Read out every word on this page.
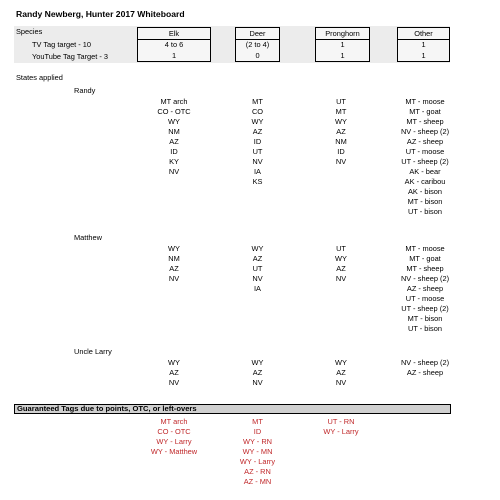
Randy Newberg, Hunter 2017 Whiteboard
Species
TV Tag target - 10
YouTube Tag Target - 3
Elk
4 to 6
1
Deer
(2 to 4)
0
Pronghorn
1
1
Other
1
1
States applied
Randy
Matthew
Uncle Larry
Guaranteed Tags due to points, OTC, or left-overs
MT arch
CO - OTC
WY
NM
AZ
ID
KY
NV
MT
CO
WY
AZ
ID
UT
NV
IA
KS
UT
MT
WY
AZ
NM
ID
NV
MT - moose
MT - goat
MT - sheep
NV - sheep (2)
AZ - sheep
UT - moose
UT - sheep (2)
AK - bear
AK - caribou
AK - bison
MT - bison
UT - bison
WY
NM
AZ
NV
WY
AZ
UT
NV
IA
UT
WY
AZ
NV
MT - moose
MT - goat
MT - sheep
NV - sheep (2)
AZ - sheep
UT - moose
UT - sheep (2)
MT - bison
UT - bison
WY
AZ
NV
WY
AZ
NV
WY
AZ
NV
NV - sheep (2)
AZ - sheep
MT arch
CO - OTC
WY - Larry
WY - Matthew
MT
ID
WY - RN
WY - MN
WY - Larry
AZ - RN
AZ - MN
UT - RN
WY - Larry
